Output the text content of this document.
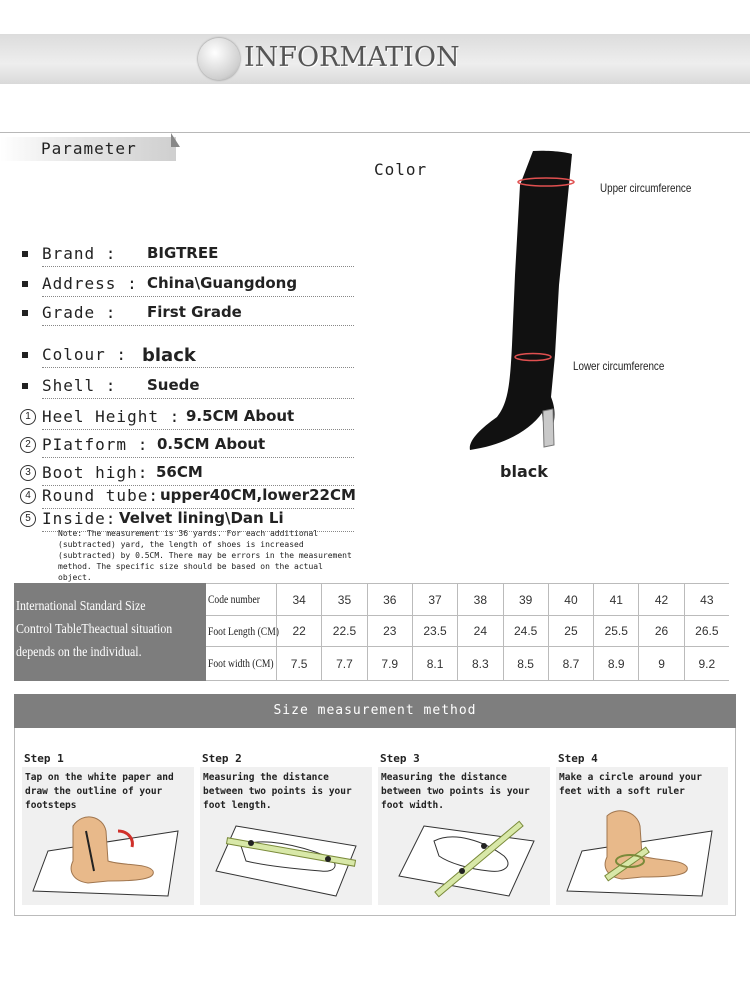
INFORMATION
Parameter
Color
Brand : BIGTREE
Address : China\Guangdong
Grade : First Grade
Colour : black
Shell : Suede
1 Heel Height : 9.5CM About
2 PIatform : 0.5CM About
3 Boot high: 56CM
4 Round tube: upper40CM,lower22CM
5 Inside: Velvet lining\Dan Li
Note: The measurement is 36 yards. For each additional (subtracted) yard, the length of shoes is increased (subtracted) by 0.5CM. There may be errors in the measurement method. The specific size should be based on the actual object.
Upper circumference
Lower circumference
black
International Standard Size
Control TableTheactual situation
depends on the individual.
Code number	34	35	36	37	38	39	40	41	42	43
Foot Length (CM)	22	22.5	23	23.5	24	24.5	25	25.5	26	26.5
Foot width (CM)	7.5	7.7	7.9	8.1	8.3	8.5	8.7	8.9	9	9.2
Size measurement method
Step 1
Tap on the white paper and draw the outline of your footsteps
Step 2
Measuring the distance between two points is your foot length.
Step 3
Measuring the distance between two points is your foot width.
Step 4
Make a circle around your feet with a soft ruler
